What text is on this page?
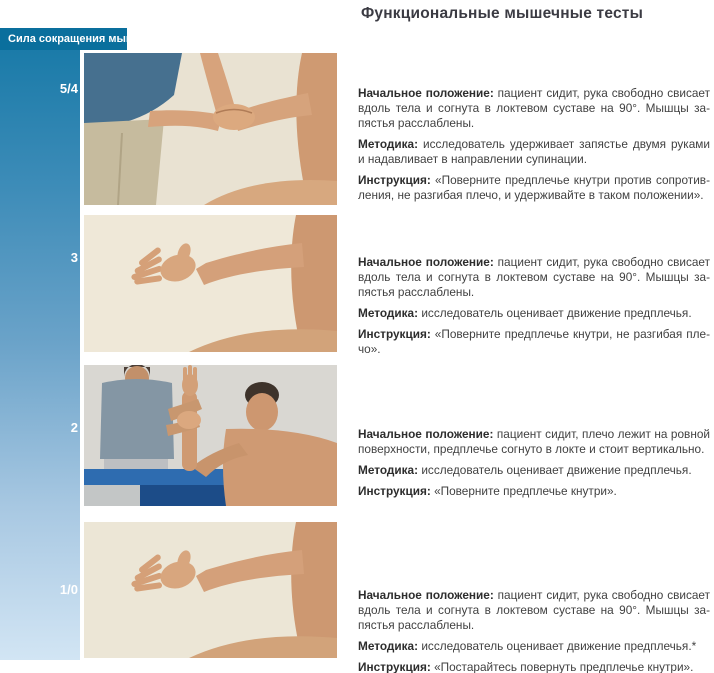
Функциональные мышечные тесты
Сила сокращения мышц
5/4
3
2
1/0

Начальное положение: пациент сидит, рука свободно свисает вдоль тела и согнута в локтевом суставе на 90°. Мышцы запястья расслаблены.

Методика: исследователь удерживает запястье двумя руками и надавливает в направлении супинации.

Инструкция: «Поверните предплечье кнутри против сопротивления, не разгибая плечо, и удерживайте в таком положении».

Начальное положение: пациент сидит, рука свободно свисает вдоль тела и согнута в локтевом суставе на 90°. Мышцы запястья расслаблены.

Методика: исследователь оценивает движение предплечья.

Инструкция: «Поверните предплечье кнутри, не разгибая плечо».

Начальное положение: пациент сидит, плечо лежит на ровной поверхности, предплечье согнуто в локте и стоит вертикально.

Методика: исследователь оценивает движение предплечья.

Инструкция: «Поверните предплечье кнутри».

Начальное положение: пациент сидит, рука свободно свисает вдоль тела и согнута в локтевом суставе на 90°. Мышцы запястья расслаблены.

Методика: исследователь оценивает движение предплечья.*

Инструкция: «Постарайтесь повернуть предплечье кнутри».
